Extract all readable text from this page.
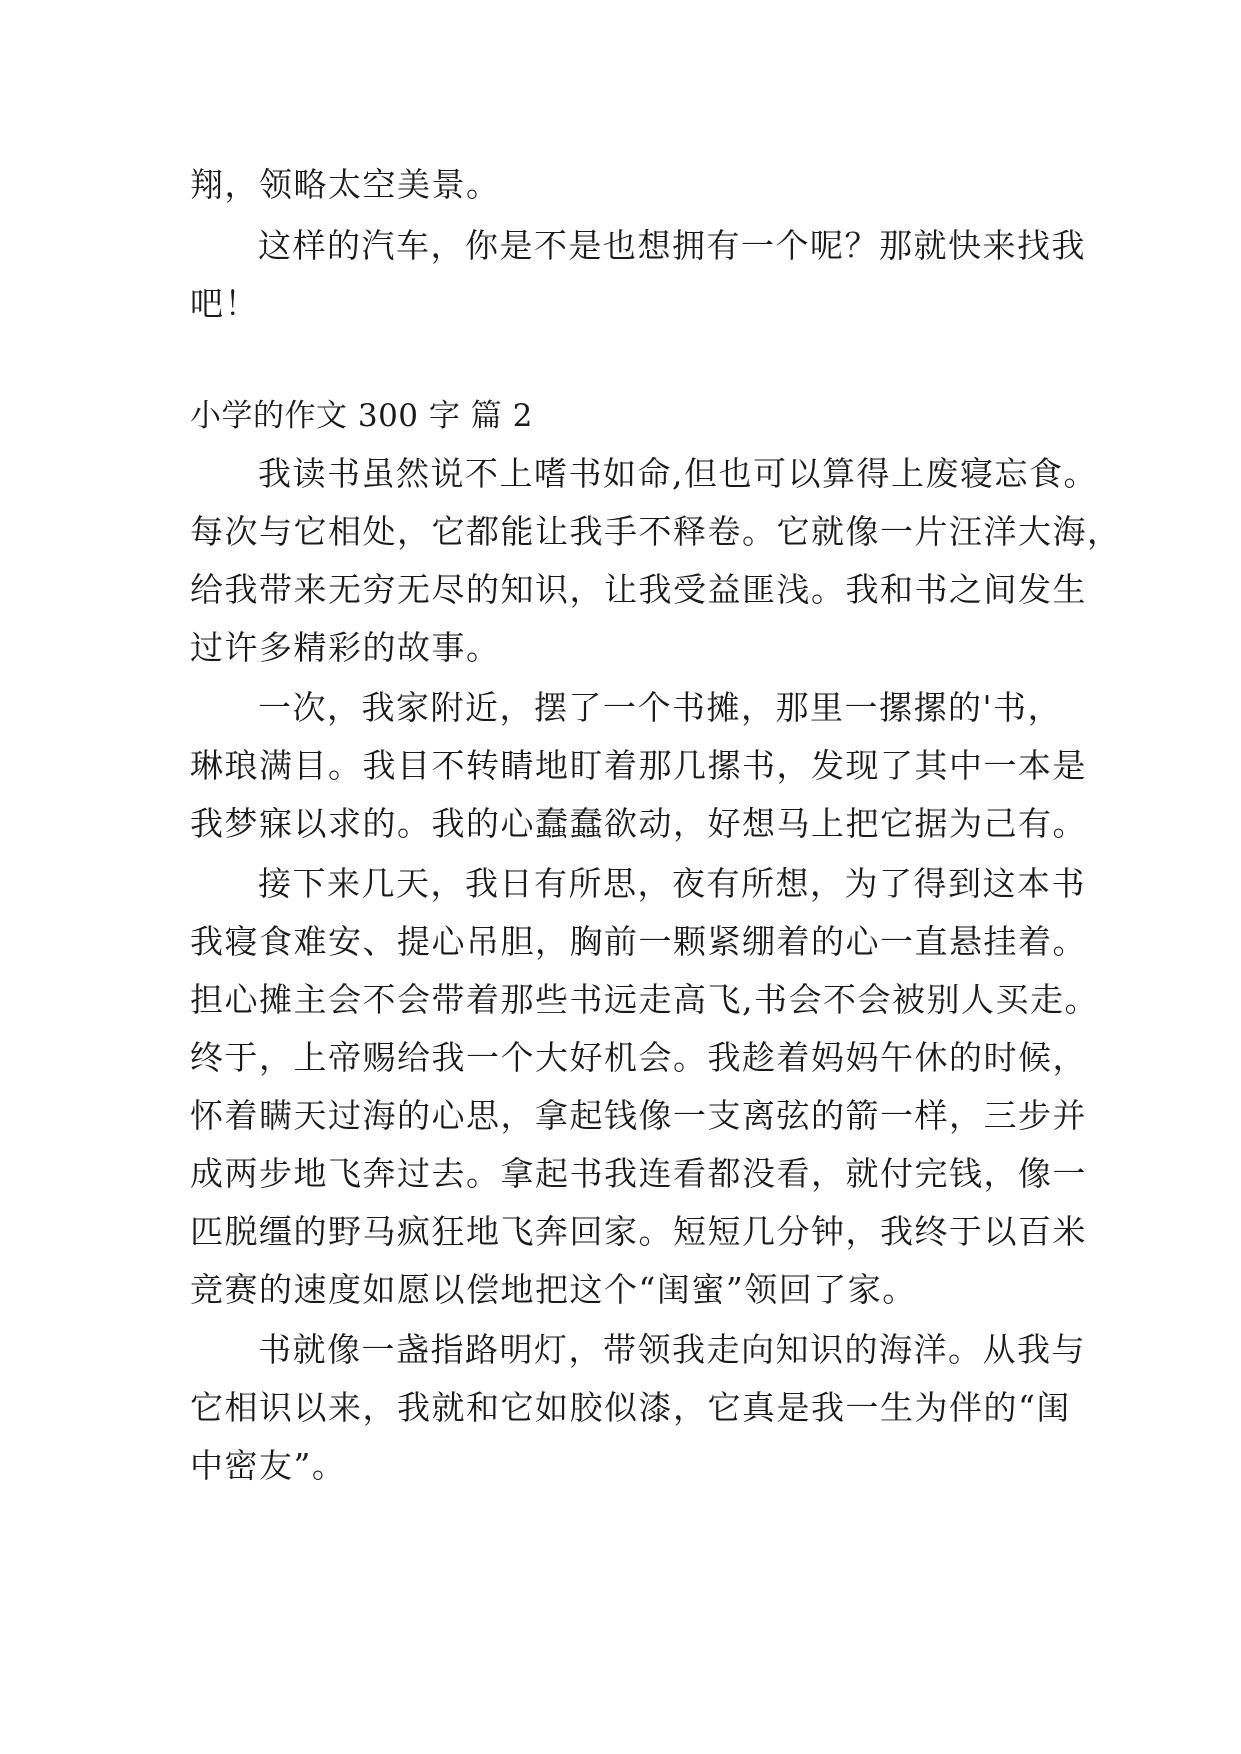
翔，领略太空美景。
这样的汽车，你是不是也想拥有一个呢？那就快来找我
吧！
小学的作文 300 字 篇 2
我读书虽然说不上嗜书如命,但也可以算得上废寝忘食。
每次与它相处，它都能让我手不释卷。它就像一片汪洋大海，
给我带来无穷无尽的知识，让我受益匪浅。我和书之间发生
过许多精彩的故事。
一次，我家附近，摆了一个书摊，那里一摞摞的'书，
琳琅满目。我目不转睛地盯着那几摞书，发现了其中一本是
我梦寐以求的。我的心蠢蠢欲动，好想马上把它据为己有。
接下来几天，我日有所思，夜有所想，为了得到这本书
我寝食难安、提心吊胆，胸前一颗紧绷着的心一直悬挂着。
担心摊主会不会带着那些书远走高飞,书会不会被别人买走。
终于，上帝赐给我一个大好机会。我趁着妈妈午休的时候，
怀着瞒天过海的心思，拿起钱像一支离弦的箭一样，三步并
成两步地飞奔过去。拿起书我连看都没看，就付完钱，像一
匹脱缰的野马疯狂地飞奔回家。短短几分钟，我终于以百米
竞赛的速度如愿以偿地把这个“闺蜜”领回了家。
书就像一盏指路明灯，带领我走向知识的海洋。从我与
它相识以来，我就和它如胶似漆，它真是我一生为伴的“闺
中密友”。
